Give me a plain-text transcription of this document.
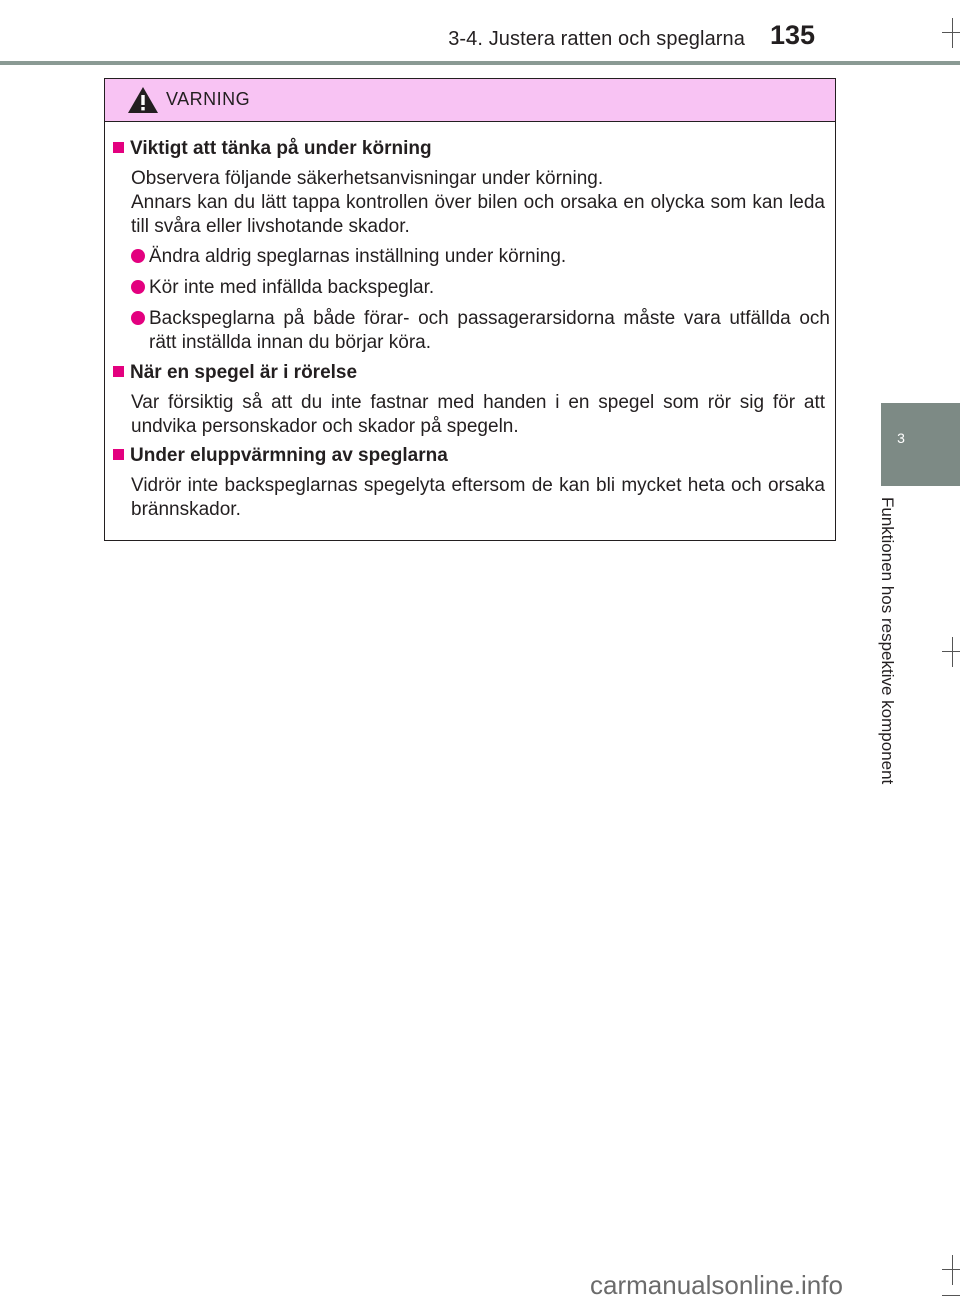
3-4. Justera ratten och speglarna 135
3
Funktionen hos respektive komponent
VARNING
Viktigt att tänka på under körning
Observera följande säkerhetsanvisningar under körning.
Annars kan du lätt tappa kontrollen över bilen och orsaka en olycka som kan leda till svåra eller livshotande skador.
Ändra aldrig speglarnas inställning under körning.
Kör inte med infällda backspeglar.
Backspeglarna på både förar- och passagerarsidorna måste vara utfällda och rätt inställda innan du börjar köra.
När en spegel är i rörelse
Var försiktig så att du inte fastnar med handen i en spegel som rör sig för att undvika personskador och skador på spegeln.
Under eluppvärmning av speglarna
Vidrör inte backspeglarnas spegelyta eftersom de kan bli mycket heta och orsaka brännskador.
carmanualsonline.info
